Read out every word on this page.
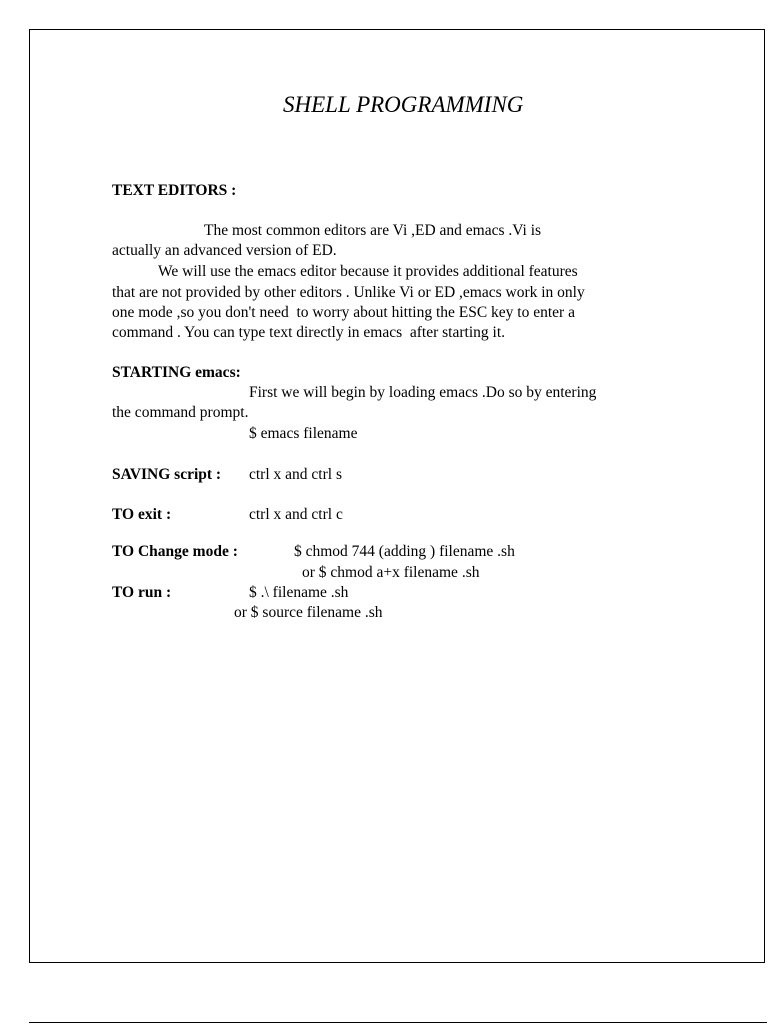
SHELL PROGRAMMING
TEXT EDITORS :
The most common editors are Vi ,ED and emacs .Vi is
actually an advanced version of ED.
We will use the emacs editor because it provides additional features
that are not provided by other editors . Unlike Vi or ED ,emacs work in only
one mode ,so you don't need  to worry about hitting the ESC key to enter a
command . You can type text directly in emacs  after starting it.
STARTING emacs:
First we will begin by loading emacs .Do so by entering
the command prompt.
$ emacs filename
SAVING script : ctrl x and ctrl s
TO exit :	ctrl x and ctrl c
TO Change mode :	$ chmod 744 (adding ) filename .sh
or $ chmod a+x filename .sh
TO run :	$ .\ filename .sh
or $ source filename .sh
